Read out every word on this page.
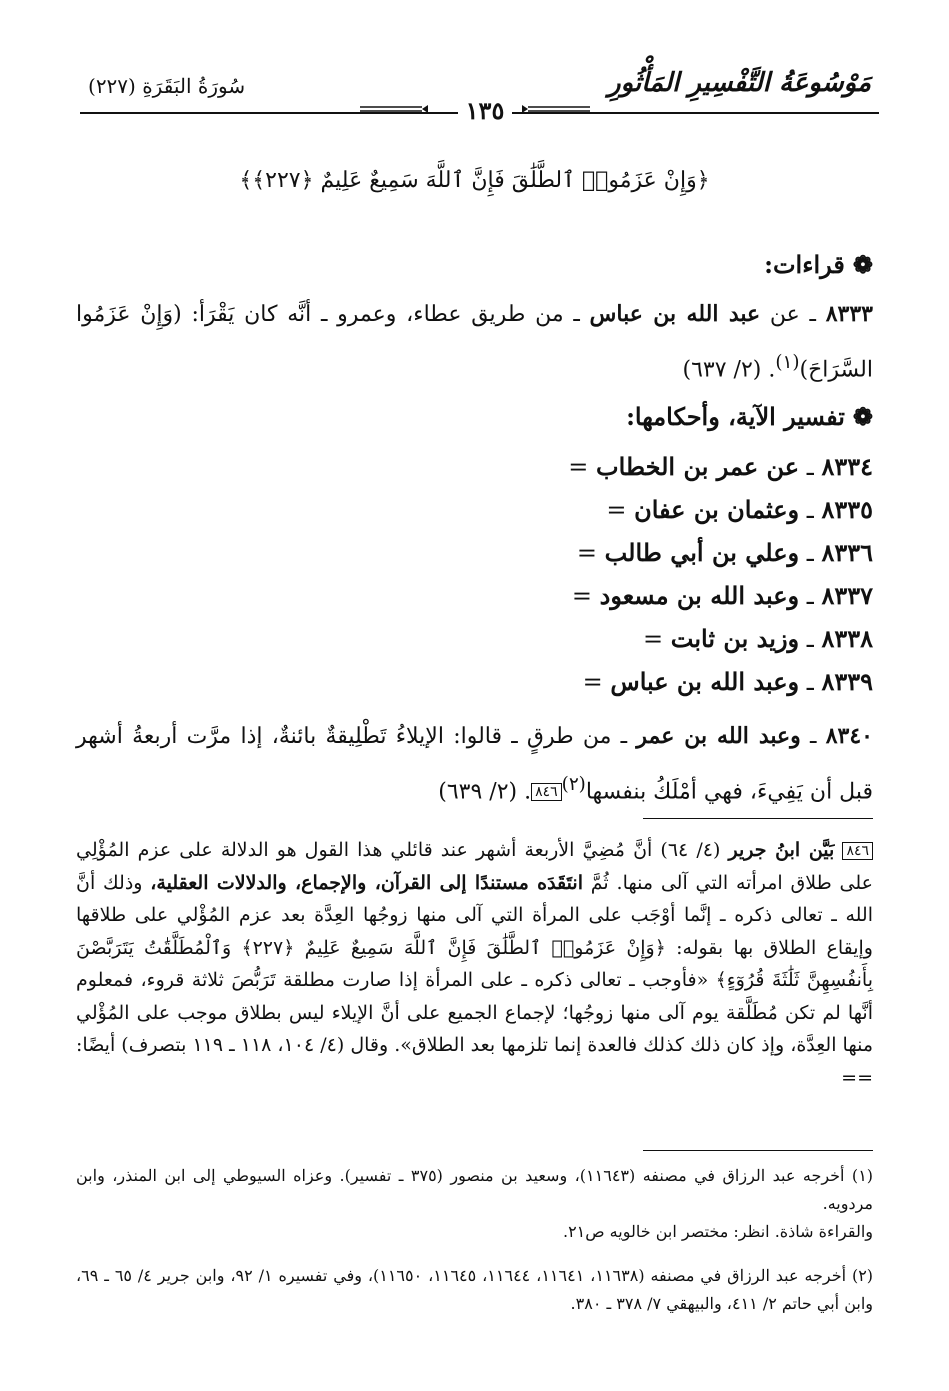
سُورَةُ البَقَرَةِ (٢٢٧)	مَوْسُوعَةُ التَّفْسِيرِ المَأْثُورِ
١٣٥
﴿وَإِنْ عَزَمُوا۟ ٱلطَّلَٰقَ فَإِنَّ ٱللَّهَ سَمِيعٌ عَلِيمٌ ﴿٢٢٧﴾﴾
❁قراءات:
٨٣٣٣ ـ عن عبد الله بن عباس ـ من طريق عطاء، وعمرو ـ أنَّه كان يَقْرَأ: (وَإِنْ عَزَمُوا السَّرَاحَ)$^{(١)}$. (٢/ ٦٣٧)
❁تفسير الآية، وأحكامها:
٨٣٣٤ ـ عن عمر بن الخطاب =
٨٣٣٥ ـ وعثمان بن عفان =
٨٣٣٦ ـ وعلي بن أبي طالب =
٨٣٣٧ ـ وعبد الله بن مسعود =
٨٣٣٨ ـ وزيد بن ثابت =
٨٣٣٩ ـ وعبد الله بن عباس =
٨٣٤٠ ـ وعبد الله بن عمر ـ من طرقٍ ـ قالوا: الإيلاءُ تَطْلِيقةٌ بائنةٌ، إذا مرَّت أربعةُ أشهر قبل أن يَفِيءَ، فهي أمْلَكُ بنفسها$^{(٢)}$٨٤٦. (٢/ ٦٣٩)
٨٤٦ بَيَّن ابنُ جرير (٤/ ٦٤) أنَّ مُضِيَّ الأربعة أشهر عند قائلي هذا القول هو الدلالة على عزم المُؤْلِي على طلاق امرأته التي آلى منها. ثُمَّ انتَقَدَه مستندًا إلى القرآن، والإجماع، والدلالات العقلية، وذلك أنَّ الله ـ تعالى ذكره ـ إنَّما أوْجَب على المرأة التي آلى منها زوجُها العِدَّة بعد عزم المُؤْلي على طلاقها وإيقاع الطلاق بها بقوله: ﴿وَإِنْ عَزَمُوا۟ ٱلطَّلَٰقَ فَإِنَّ ٱللَّهَ سَمِيعٌ عَلِيمٌ ﴿٢٢٧﴾ وَٱلْمُطَلَّقَٰتُ يَتَرَبَّصْنَ بِأَنفُسِهِنَّ ثَلَٰثَةَ قُرُوٓءٍ﴾ «فأوجب ـ تعالى ذكره ـ على المرأة إذا صارت مطلقة تَرَبُّصَ ثلاثة قروء، فمعلوم أنَّها لم تكن مُطَلَّقة يوم آلى منها زوجُها؛ لإجماع الجميع على أنَّ الإيلاء ليس بطلاق موجب على المُؤْلي منها العِدَّة، وإذ كان ذلك كذلك فالعدة إنما تلزمها بعد الطلاق». وقال (٤/ ١٠٤، ١١٨ ـ ١١٩ بتصرف) أيضًا: ==
(١) أخرجه عبد الرزاق في مصنفه (١١٦٤٣)، وسعيد بن منصور (٣٧٥ ـ تفسير). وعزاه السيوطي إلى ابن المنذر، وابن مردويه.
والقراءة شاذة. انظر: مختصر ابن خالويه ص٢١.
(٢) أخرجه عبد الرزاق في مصنفه (١١٦٣٨، ١١٦٤١، ١١٦٤٤، ١١٦٤٥، ١١٦٥٠)، وفي تفسيره ١/ ٩٢، وابن جرير ٤/ ٦٥ ـ ٦٩، وابن أبي حاتم ٢/ ٤١١، والبيهقي ٧/ ٣٧٨ ـ ٣٨٠.
